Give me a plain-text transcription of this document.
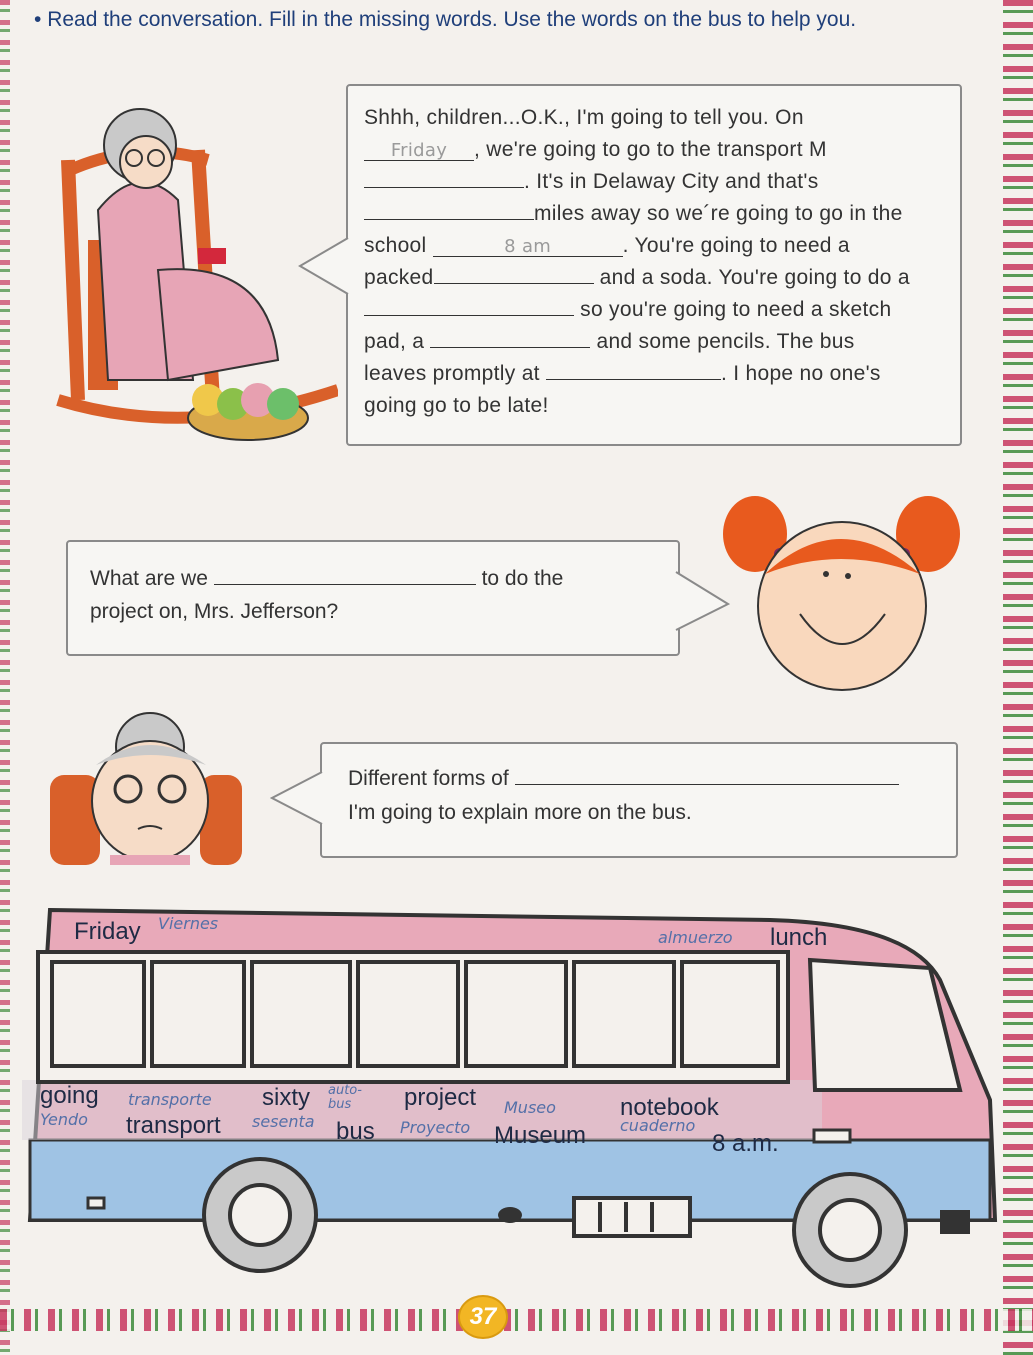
• Read the conversation. Fill in the missing words. Use the words on the bus to help you.
Shhh, children...O.K., I'm going to tell you. On
Friday , we're going to go to the transport M
. It's in Delaway City and that's
miles away so we´re going to go in the
school	8 am	. You're going to need a
packed	and a soda. You're going to do a
so you're going to need a sketch
pad, a	and some pencils. The bus
leaves promptly at	. I hope no one's
going go to be late!
What are we	to do the
project on, Mrs. Jefferson?
Different forms of
I'm going to explain more on the bus.
Friday	lunch
going
transport
sixty
bus
project
Museum
notebook
8 a.m.
Viernes
almuerzo
Yendo
transporte
sesenta
auto- bus
Proyecto
Museo
cuaderno
37
